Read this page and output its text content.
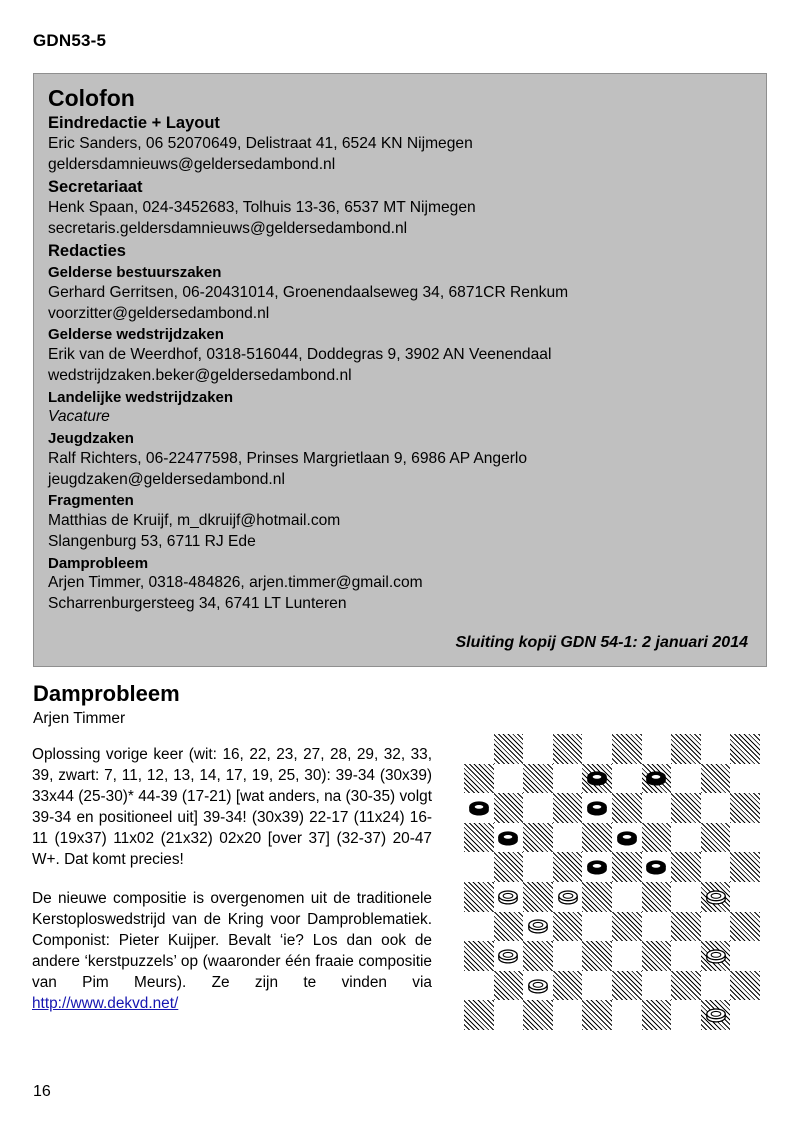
GDN53-5
Colofon
Eindredactie + Layout
Eric Sanders, 06 52070649, Delistraat 41, 6524 KN Nijmegen
geldersdamnieuws@geldersedambond.nl
Secretariaat
Henk Spaan, 024-3452683, Tolhuis 13-36, 6537 MT Nijmegen
secretaris.geldersdamnieuws@geldersedambond.nl
Redacties
Gelderse bestuurszaken
Gerhard Gerritsen, 06-20431014, Groenendaalseweg 34, 6871CR Renkum
voorzitter@geldersedambond.nl
Gelderse wedstrijdzaken
Erik van de Weerdhof, 0318-516044, Doddegras 9, 3902 AN Veenendaal
wedstrijdzaken.beker@geldersedambond.nl
Landelijke wedstrijdzaken
Vacature
Jeugdzaken
Ralf Richters, 06-22477598, Prinses Margrietlaan 9, 6986 AP Angerlo
jeugdzaken@geldersedambond.nl
Fragmenten
Matthias de Kruijf, m_dkruijf@hotmail.com
Slangenburg 53, 6711 RJ Ede
Damprobleem
Arjen Timmer, 0318-484826, arjen.timmer@gmail.com
Scharrenburgersteeg 34, 6741 LT Lunteren
Sluiting kopij GDN 54-1: 2 januari 2014
Damprobleem
Arjen Timmer

Oplossing vorige keer (wit: 16, 22, 23, 27, 28, 29, 32, 33, 39, zwart: 7, 11, 12, 13, 14, 17, 19, 25, 30): 39-34 (30x39) 33x44 (25-30)* 44-39 (17-21) [wat anders, na (30-35) volgt 39-34 en positioneel uit] 39-34! (30x39) 22-17 (11x24) 16-11 (19x37) 11x02 (21x32) 02x20 [over 37] (32-37) 20-47 W+. Dat komt precies!

De nieuwe compositie is overgenomen uit de traditionele Kerstoploswedstrijd van de Kring voor Damproblematiek. Componist: Pieter Kuijper. Bevalt ‘ie? Los dan ook de andere ‘kerstpuzzels’ op (waaronder één fraaie compositie van Pim Meurs). Ze zijn te vinden via http://www.dekvd.net/

16
